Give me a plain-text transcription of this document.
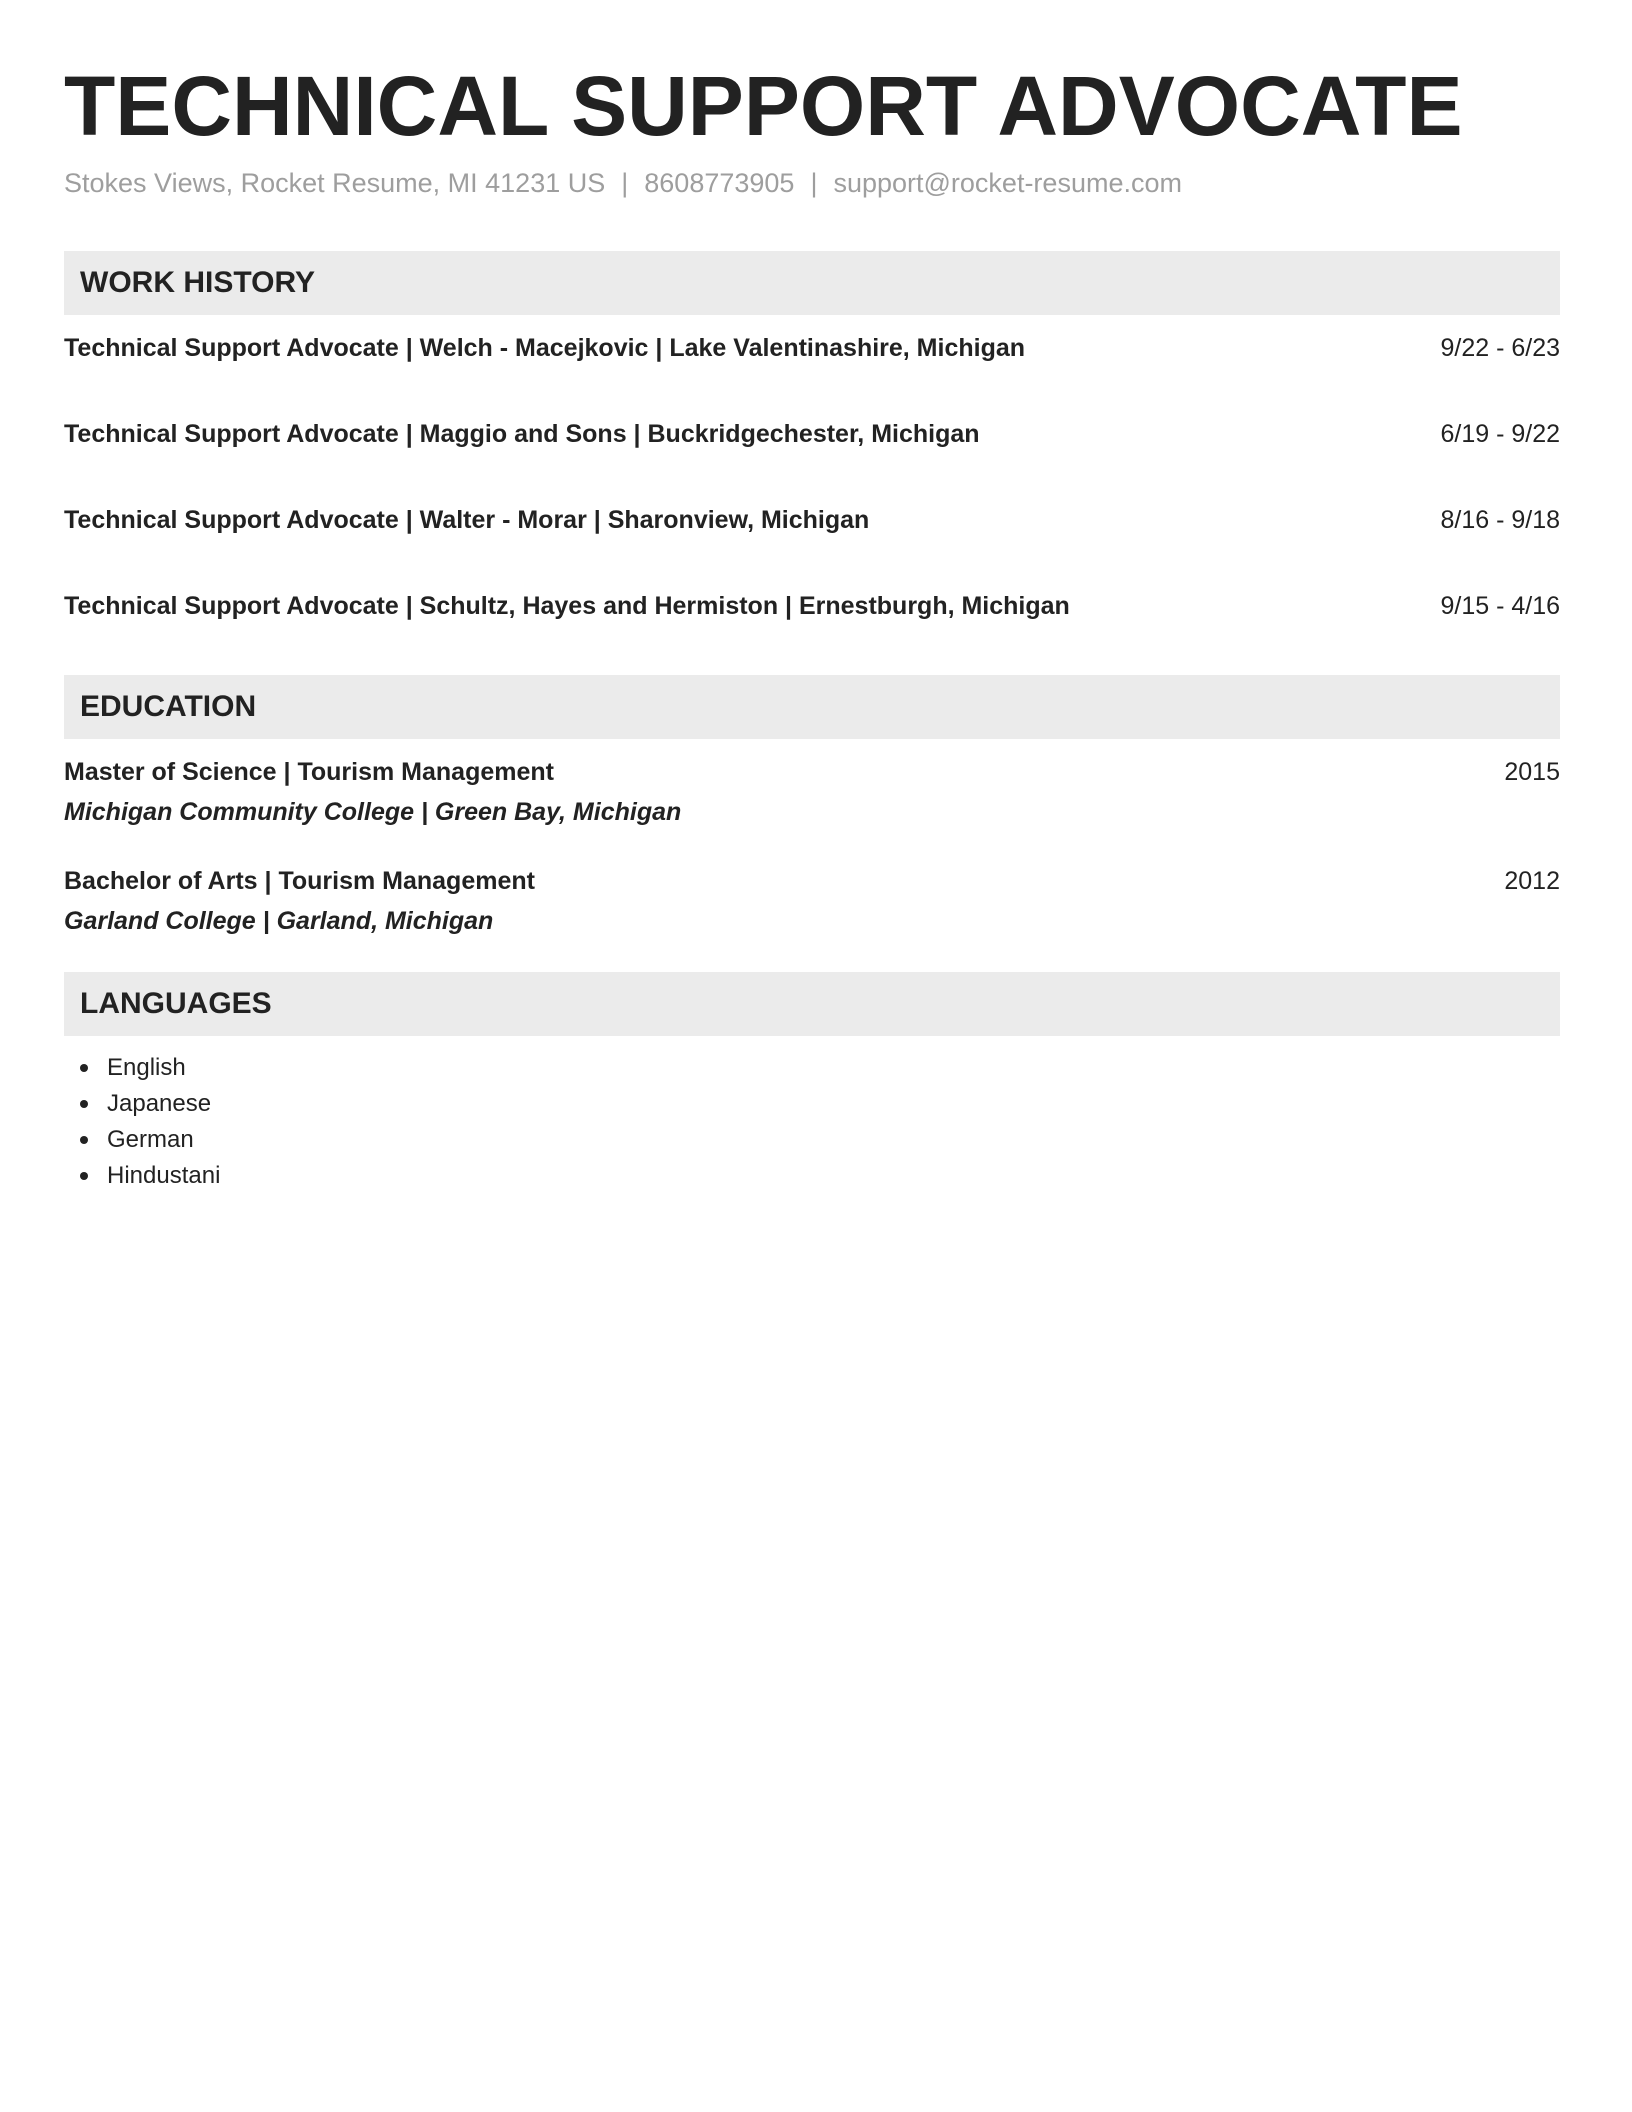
TECHNICAL SUPPORT ADVOCATE
Stokes Views, Rocket Resume, MI 41231 US | 8608773905 | support@rocket-resume.com
WORK HISTORY
Technical Support Advocate | Welch - Macejkovic | Lake Valentinashire, Michigan	9/22 - 6/23
Technical Support Advocate | Maggio and Sons | Buckridgechester, Michigan	6/19 - 9/22
Technical Support Advocate | Walter - Morar | Sharonview, Michigan	8/16 - 9/18
Technical Support Advocate | Schultz, Hayes and Hermiston | Ernestburgh, Michigan	9/15 - 4/16
EDUCATION
Master of Science | Tourism Management	2015
Michigan Community College | Green Bay, Michigan
Bachelor of Arts | Tourism Management	2012
Garland College | Garland, Michigan
LANGUAGES
English
Japanese
German
Hindustani
